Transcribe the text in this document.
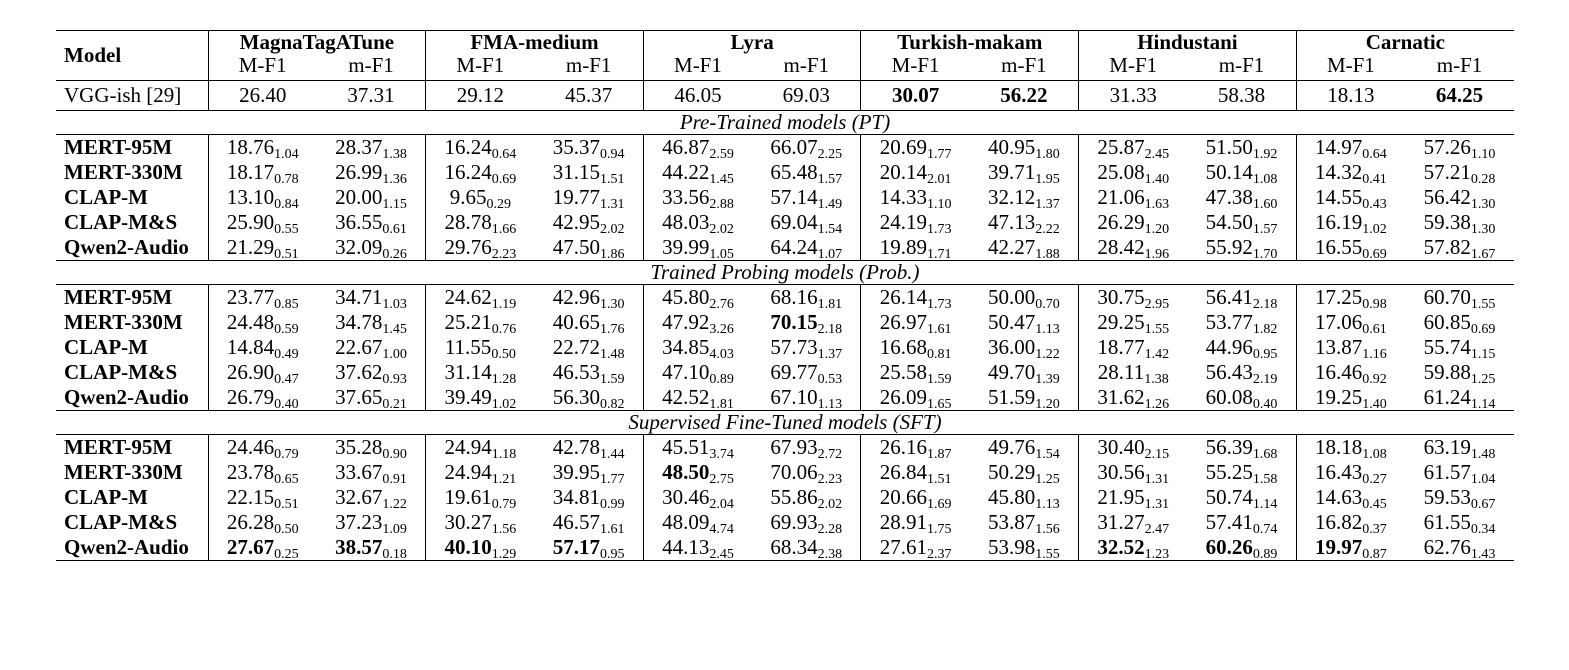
Model	MagnaTagATune		FMA-medium		Lyra		Turkish-makam		Hindustani		Carnatic	
	M-F1	m-F1	M-F1	m-F1	M-F1	m-F1	M-F1	m-F1	M-F1	m-F1	M-F1	m-F1
VGG-ish [29]	26.40	37.31	29.12	45.37	46.05	69.03	30.07	56.22	31.33	58.38	18.13	64.25
Pre-Trained models (PT)												
MERT-95M	$18.76_{1.04}$	$28.37_{1.38}$	$16.24_{0.64}$	$35.37_{0.94}$	$46.87_{2.59}$	$66.07_{2.25}$	$20.69_{1.77}$	$40.95_{1.80}$	$25.87_{2.45}$	$51.50_{1.92}$	$14.97_{0.64}$	$57.26_{1.10}$
MERT-330M	$18.17_{0.78}$	$26.99_{1.36}$	$16.24_{0.69}$	$31.15_{1.51}$	$44.22_{1.45}$	$65.48_{1.57}$	$20.14_{2.01}$	$39.71_{1.95}$	$25.08_{1.40}$	$50.14_{1.08}$	$14.32_{0.41}$	$57.21_{0.28}$
CLAP-M	$13.10_{0.84}$	$20.00_{1.15}$	$9.65_{0.29}$	$19.77_{1.31}$	$33.56_{2.88}$	$57.14_{1.49}$	$14.33_{1.10}$	$32.12_{1.37}$	$21.06_{1.63}$	$47.38_{1.60}$	$14.55_{0.43}$	$56.42_{1.30}$
CLAP-M&S	$25.90_{0.55}$	$36.55_{0.61}$	$28.78_{1.66}$	$42.95_{2.02}$	$48.03_{2.02}$	$69.04_{1.54}$	$24.19_{1.73}$	$47.13_{2.22}$	$26.29_{1.20}$	$54.50_{1.57}$	$16.19_{1.02}$	$59.38_{1.30}$
Qwen2-Audio	$21.29_{0.51}$	$32.09_{0.26}$	$29.76_{2.23}$	$47.50_{1.86}$	$39.99_{1.05}$	$64.24_{1.07}$	$19.89_{1.71}$	$42.27_{1.88}$	$28.42_{1.96}$	$55.92_{1.70}$	$16.55_{0.69}$	$57.82_{1.67}$
Trained Probing models (Prob.)												
MERT-95M	$23.77_{0.85}$	$34.71_{1.03}$	$24.62_{1.19}$	$42.96_{1.30}$	$45.80_{2.76}$	$68.16_{1.81}$	$26.14_{1.73}$	$50.00_{0.70}$	$30.75_{2.95}$	$56.41_{2.18}$	$17.25_{0.98}$	$60.70_{1.55}$
MERT-330M	$24.48_{0.59}$	$34.78_{1.45}$	$25.21_{0.76}$	$40.65_{1.76}$	$47.92_{3.26}$	$70.15_{2.18}$	$26.97_{1.61}$	$50.47_{1.13}$	$29.25_{1.55}$	$53.77_{1.82}$	$17.06_{0.61}$	$60.85_{0.69}$
CLAP-M	$14.84_{0.49}$	$22.67_{1.00}$	$11.55_{0.50}$	$22.72_{1.48}$	$34.85_{4.03}$	$57.73_{1.37}$	$16.68_{0.81}$	$36.00_{1.22}$	$18.77_{1.42}$	$44.96_{0.95}$	$13.87_{1.16}$	$55.74_{1.15}$
CLAP-M&S	$26.90_{0.47}$	$37.62_{0.93}$	$31.14_{1.28}$	$46.53_{1.59}$	$47.10_{0.89}$	$69.77_{0.53}$	$25.58_{1.59}$	$49.70_{1.39}$	$28.11_{1.38}$	$56.43_{2.19}$	$16.46_{0.92}$	$59.88_{1.25}$
Qwen2-Audio	$26.79_{0.40}$	$37.65_{0.21}$	$39.49_{1.02}$	$56.30_{0.82}$	$42.52_{1.81}$	$67.10_{1.13}$	$26.09_{1.65}$	$51.59_{1.20}$	$31.62_{1.26}$	$60.08_{0.40}$	$19.25_{1.40}$	$61.24_{1.14}$
Supervised Fine-Tuned models (SFT)												
MERT-95M	$24.46_{0.79}$	$35.28_{0.90}$	$24.94_{1.18}$	$42.78_{1.44}$	$45.51_{3.74}$	$67.93_{2.72}$	$26.16_{1.87}$	$49.76_{1.54}$	$30.40_{2.15}$	$56.39_{1.68}$	$18.18_{1.08}$	$63.19_{1.48}$
MERT-330M	$23.78_{0.65}$	$33.67_{0.91}$	$24.94_{1.21}$	$39.95_{1.77}$	$48.50_{2.75}$	$70.06_{2.23}$	$26.84_{1.51}$	$50.29_{1.25}$	$30.56_{1.31}$	$55.25_{1.58}$	$16.43_{0.27}$	$61.57_{1.04}$
CLAP-M	$22.15_{0.51}$	$32.67_{1.22}$	$19.61_{0.79}$	$34.81_{0.99}$	$30.46_{2.04}$	$55.86_{2.02}$	$20.66_{1.69}$	$45.80_{1.13}$	$21.95_{1.31}$	$50.74_{1.14}$	$14.63_{0.45}$	$59.53_{0.67}$
CLAP-M&S	$26.28_{0.50}$	$37.23_{1.09}$	$30.27_{1.56}$	$46.57_{1.61}$	$48.09_{4.74}$	$69.93_{2.28}$	$28.91_{1.75}$	$53.87_{1.56}$	$31.27_{2.47}$	$57.41_{0.74}$	$16.82_{0.37}$	$61.55_{0.34}$
Qwen2-Audio	$27.67_{0.25}$	$38.57_{0.18}$	$40.10_{1.29}$	$57.17_{0.95}$	$44.13_{2.45}$	$68.34_{2.38}$	$27.61_{2.37}$	$53.98_{1.55}$	$32.52_{1.23}$	$60.26_{0.89}$	$19.97_{0.87}$	$62.76_{1.43}$
